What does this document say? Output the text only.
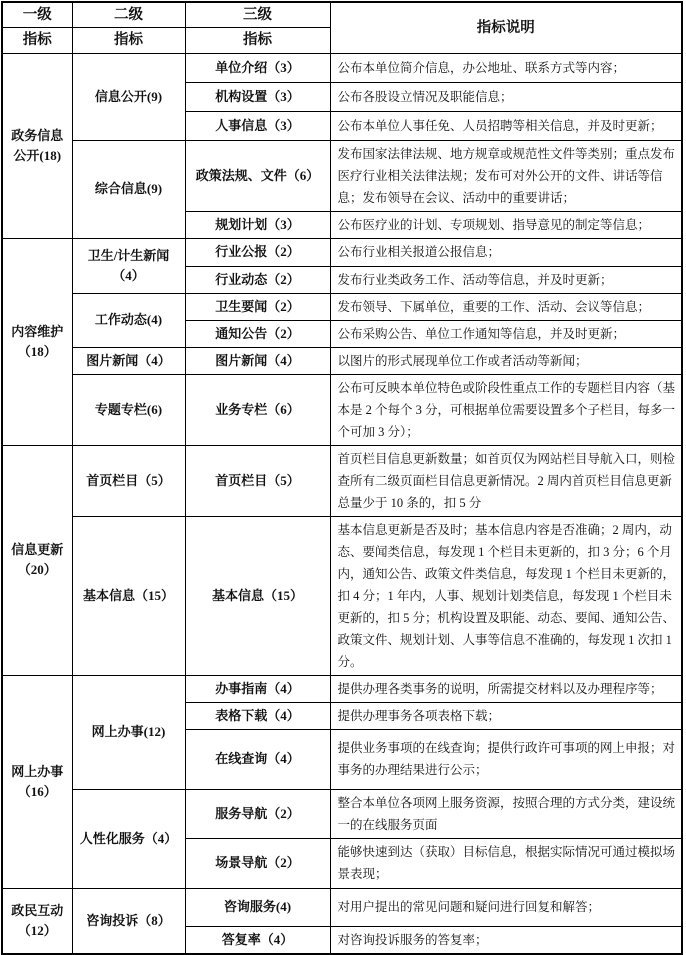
一级	二级	三级	指标说明
指标	指标	指标	
政务信息公开(18)	信息公开(9)	单位介绍（3）	公布本单位简介信息，办公地址、联系方式等内容；
		机构设置（3）	公布各股设立情况及职能信息；
		人事信息（3）	公布本单位人事任免、人员招聘等相关信息，并及时更新；
	综合信息(9)	政策法规、文件（6）	发布国家法律法规、地方规章或规范性文件等类别；重点发布医疗行业相关法律法规；发布可对外公开的文件、讲话等信息；发布领导在会议、活动中的重要讲话；
		规划计划（3）	公布医疗业的计划、专项规划、指导意见的制定等信息；
内容维护（18）	卫生/计生新闻（4）	行业公报（2）	公布行业相关报道公报信息；
		行业动态（2）	发布行业类政务工作、活动等信息，并及时更新；
	工作动态(4)	卫生要闻（2）	发布领导、下属单位，重要的工作、活动、会议等信息；
		通知公告（2）	公布采购公告、单位工作通知等信息，并及时更新；
	图片新闻（4）	图片新闻（4）	以图片的形式展现单位工作或者活动等新闻；
	专题专栏(6)	业务专栏（6）	公布可反映本单位特色或阶段性重点工作的专题栏目内容（基本是 2 个每个 3 分，可根据单位需要设置多个子栏目，每多一个可加 3 分）；
信息更新（20）	首页栏目（5）	首页栏目（5）	首页栏目信息更新数量；如首页仅为网站栏目导航入口，则检查所有二级页面栏目信息更新情况。2 周内首页栏目信息更新总量少于 10 条的，扣 5 分
	基本信息（15）	基本信息（15）	基本信息更新是否及时；基本信息内容是否准确；2 周内，动态、要闻类信息，每发现 1 个栏目未更新的，扣 3 分；6 个月内，通知公告、政策文件类信息，每发现 1 个栏目未更新的，扣 4 分；1 年内，人事、规划计划类信息，每发现 1 个栏目未更新的，扣 5 分；机构设置及职能、动态、要闻、通知公告、政策文件、规划计划、人事等信息不准确的，每发现 1 次扣 1 分。
网上办事（16）	网上办事(12)	办事指南（4）	提供办理各类事务的说明，所需提交材料以及办理程序等；
		表格下载（4）	提供办理事务各项表格下载；
		在线查询（4）	提供业务事项的在线查询；提供行政许可事项的网上申报；对事务的办理结果进行公示；
	人性化服务（4）	服务导航（2）	整合本单位各项网上服务资源，按照合理的方式分类，建设统一的在线服务页面
		场景导航（2）	能够快速到达（获取）目标信息，根据实际情况可通过模拟场景表现；
政民互动（12）	咨询投诉（8）	咨询服务(4)	对用户提出的常见问题和疑问进行回复和解答；
		答复率（4）	对咨询投诉服务的答复率；
